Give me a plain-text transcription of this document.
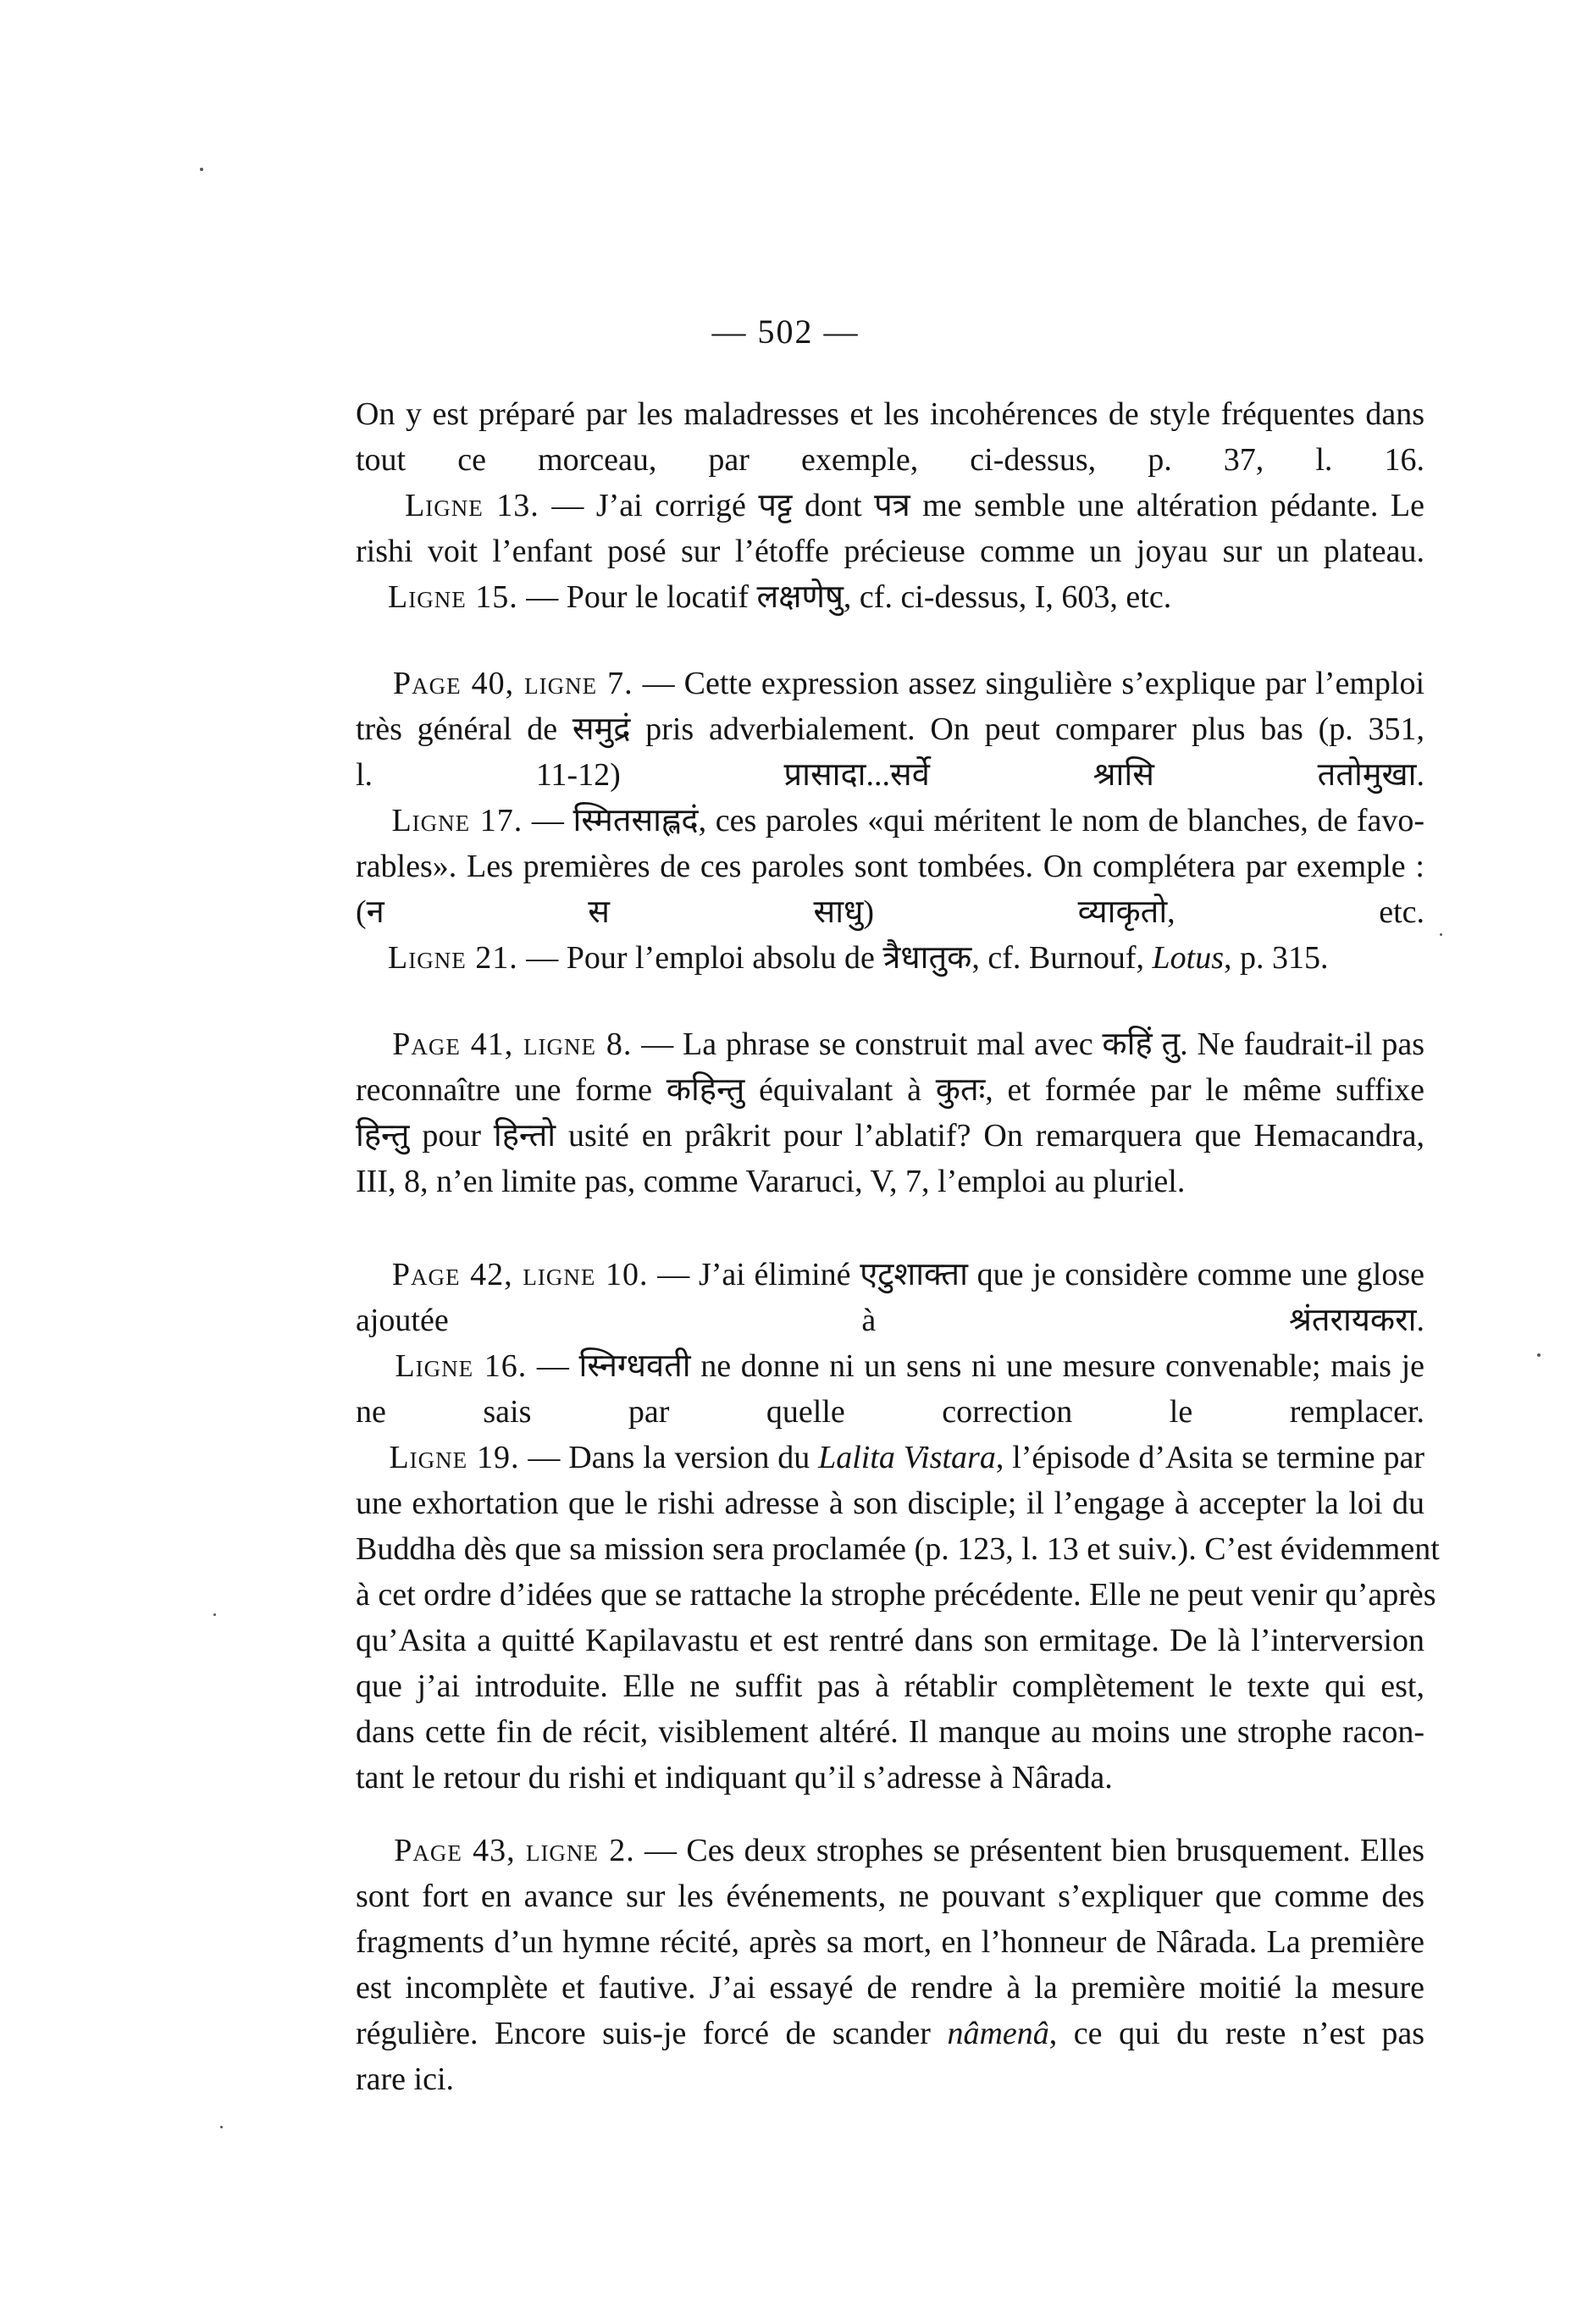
— 502 —
On y est préparé par les maladresses et les incohérences de style fréquentes dans
tout ce morceau, par exemple, ci-dessus, p. 37, l. 16.
Ligne 13. — J’ai corrigé पट्ट dont पत्र me semble une altération pédante. Le
rishi voit l’enfant posé sur l’étoffe précieuse comme un joyau sur un plateau.
Ligne 15. — Pour le locatif लक्षणेषु, cf. ci-dessus, I, 603, etc.
Page 40, ligne 7. — Cette expression assez singulière s’explique par l’emploi
très général de समुद्रं pris adverbialement. On peut comparer plus bas (p. 351,
l. 11-12) प्रासादा...सर्वे श्रासि ततोमुखा.
Ligne 17. — स्मितसाह्लदं, ces paroles «qui méritent le nom de blanches, de favo-
rables». Les premières de ces paroles sont tombées. On complétera par exemple :
(न स साधु) व्याकृतो, etc.
Ligne 21. — Pour l’emploi absolu de त्रैधातुक, cf. Burnouf, Lotus, p. 315.
Page 41, ligne 8. — La phrase se construit mal avec कहिं तु. Ne faudrait-il pas
reconnaître une forme कहिन्तु équivalant à कुतः, et formée par le même suffixe
हिन्तु pour हिन्तो usité en prâkrit pour l’ablatif? On remarquera que Hemacandra,
III, 8, n’en limite pas, comme Vararuci, V, 7, l’emploi au pluriel.
Page 42, ligne 10. — J’ai éliminé एटुशाक्ता que je considère comme une glose
ajoutée à श्रंतरायकरा.
Ligne 16. — स्निग्धवती ne donne ni un sens ni une mesure convenable; mais je
ne sais par quelle correction le remplacer.
Ligne 19. — Dans la version du Lalita Vistara, l’épisode d’Asita se termine par
une exhortation que le rishi adresse à son disciple; il l’engage à accepter la loi du
Buddha dès que sa mission sera proclamée (p. 123, l. 13 et suiv.). C’est évidemment
à cet ordre d’idées que se rattache la strophe précédente. Elle ne peut venir qu’après
qu’Asita a quitté Kapilavastu et est rentré dans son ermitage. De là l’interversion
que j’ai introduite. Elle ne suffit pas à rétablir complètement le texte qui est,
dans cette fin de récit, visiblement altéré. Il manque au moins une strophe racon-
tant le retour du rishi et indiquant qu’il s’adresse à Nârada.
Page 43, ligne 2. — Ces deux strophes se présentent bien brusquement. Elles
sont fort en avance sur les événements, ne pouvant s’expliquer que comme des
fragments d’un hymne récité, après sa mort, en l’honneur de Nârada. La première
est incomplète et fautive. J’ai essayé de rendre à la première moitié la mesure
régulière. Encore suis-je forcé de scander nâmenâ, ce qui du reste n’est pas
rare ici.
